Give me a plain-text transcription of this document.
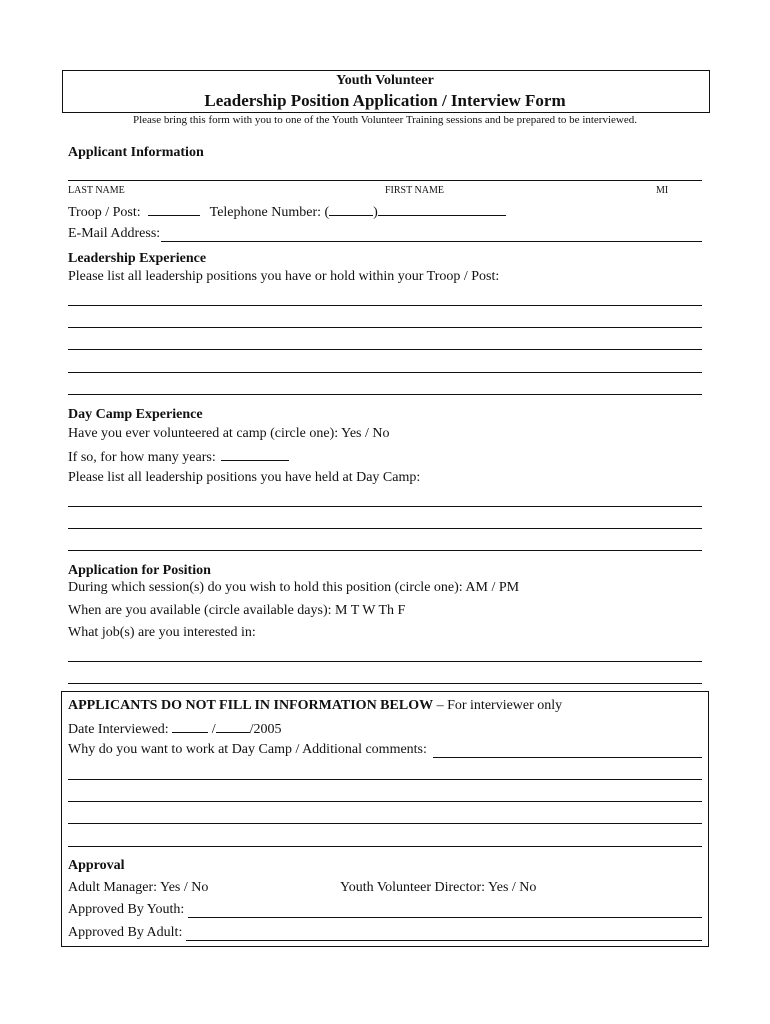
Youth Volunteer
Leadership Position Application / Interview Form
Please bring this form with you to one of the Youth Volunteer Training sessions and be prepared to be interviewed.
Applicant Information
LAST NAME	FIRST NAME	MI
Troop / Post:	Telephone Number: (	)
E-Mail Address:
Leadership Experience
Please list all leadership positions you have or hold within your Troop / Post:
Day Camp Experience
Have you ever volunteered at camp (circle one): Yes / No
If so, for how many years:
Please list all leadership positions you have held at Day Camp:
Application for Position
During which session(s) do you wish to hold this position (circle one): AM / PM
When are you available (circle available days): M T W Th F
What job(s) are you interested in:
APPLICANTS DO NOT FILL IN INFORMATION BELOW – For interviewer only
Date Interviewed:	/ /2005
Why do you want to work at Day Camp / Additional comments:
Approval
Adult Manager: Yes / No	Youth Volunteer Director: Yes / No
Approved By Youth:
Approved By Adult:
